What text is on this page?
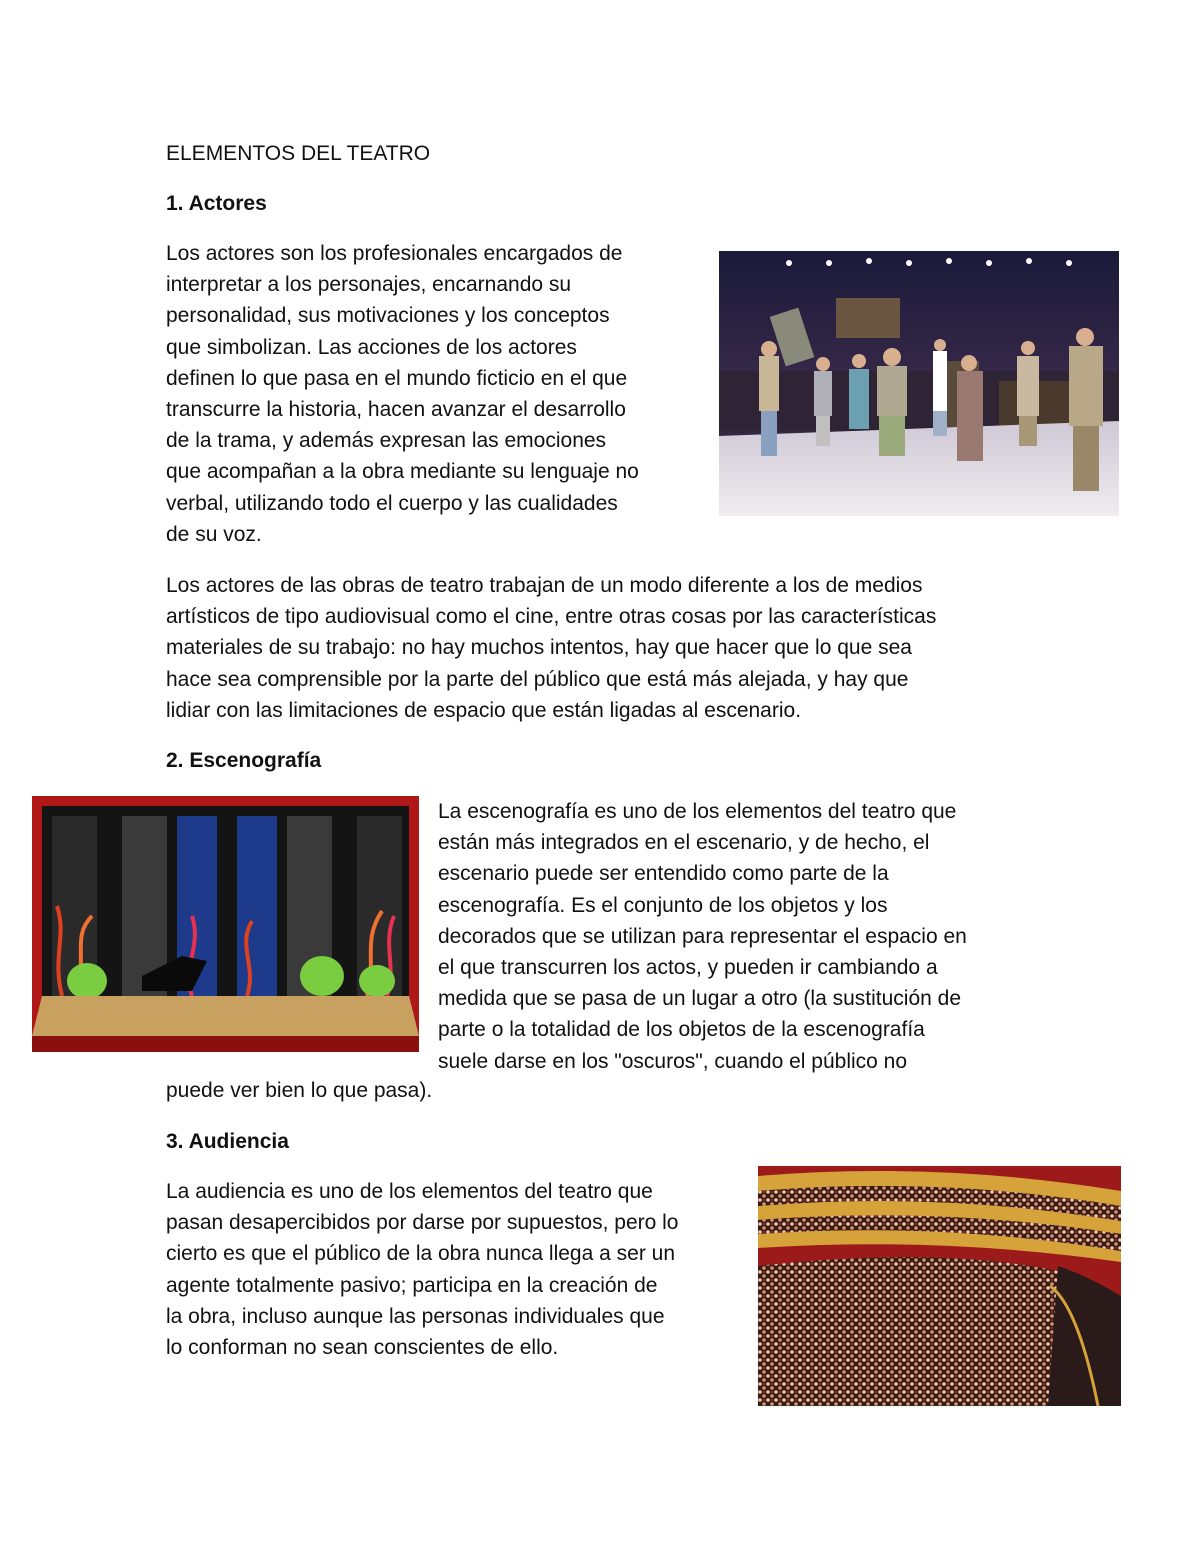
ELEMENTOS DEL TEATRO
1. Actores
Los actores son los profesionales encargados de
interpretar a los personajes, encarnando su
personalidad, sus motivaciones y los conceptos
que simbolizan. Las acciones de los actores
definen lo que pasa en el mundo ficticio en el que
transcurre la historia, hacen avanzar el desarrollo
de la trama, y además expresan las emociones
que acompañan a la obra mediante su lenguaje no
verbal, utilizando todo el cuerpo y las cualidades
de su voz.
Los actores de las obras de teatro trabajan de un modo diferente a los de medios
artísticos de tipo audiovisual como el cine, entre otras cosas por las características
materiales de su trabajo: no hay muchos intentos, hay que hacer que lo que sea
hace sea comprensible por la parte del público que está más alejada, y hay que
lidiar con las limitaciones de espacio que están ligadas al escenario.
2. Escenografía
La escenografía es uno de los elementos del teatro que
están más integrados en el escenario, y de hecho, el
escenario puede ser entendido como parte de la
escenografía. Es el conjunto de los objetos y los
decorados que se utilizan para representar el espacio en
el que transcurren los actos, y pueden ir cambiando a
medida que se pasa de un lugar a otro (la sustitución de
parte o la totalidad de los objetos de la escenografía
suele darse en los "oscuros", cuando el público no
puede ver bien lo que pasa).
3. Audiencia
La audiencia es uno de los elementos del teatro que
pasan desapercibidos por darse por supuestos, pero lo
cierto es que el público de la obra nunca llega a ser un
agente totalmente pasivo; participa en la creación de
la obra, incluso aunque las personas individuales que
lo conforman no sean conscientes de ello.
